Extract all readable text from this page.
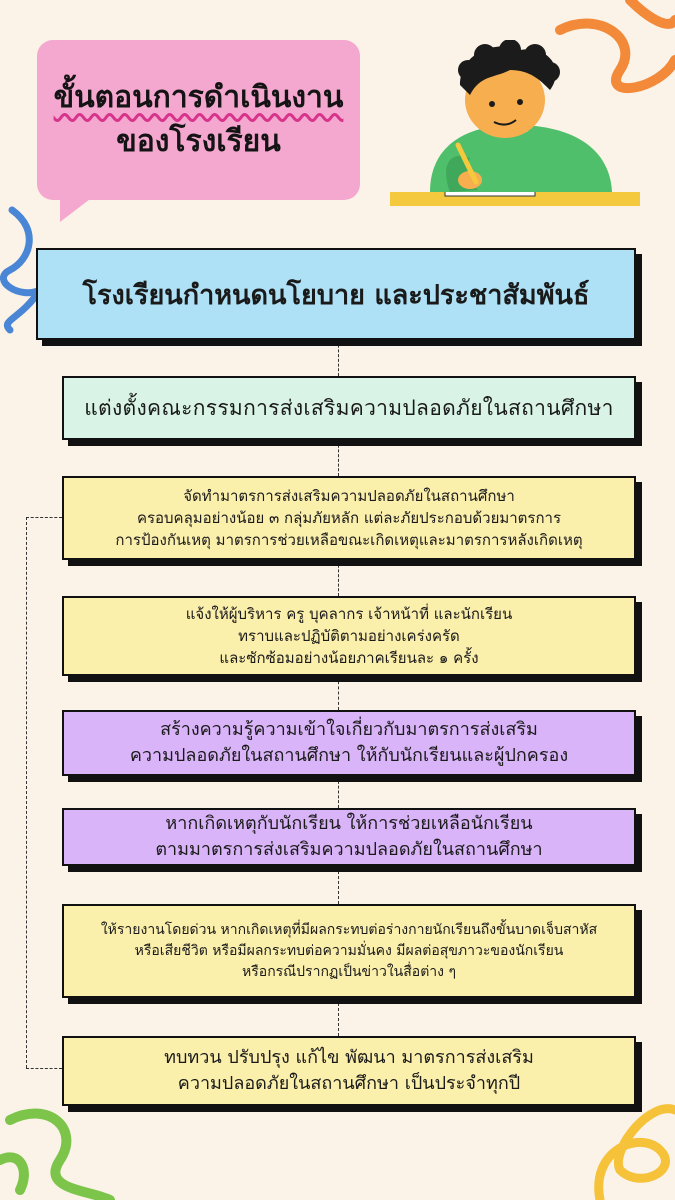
ขั้นตอนการดำเนินงาน
ของโรงเรียน
โรงเรียนกำหนดนโยบาย และประชาสัมพันธ์
แต่งตั้งคณะกรรมการส่งเสริมความปลอดภัยในสถานศึกษา
จัดทำมาตรการส่งเสริมความปลอดภัยในสถานศึกษา
ครอบคลุมอย่างน้อย ๓ กลุ่มภัยหลัก แต่ละภัยประกอบด้วยมาตรการ
การป้องกันเหตุ มาตรการช่วยเหลือขณะเกิดเหตุและมาตรการหลังเกิดเหตุ
แจ้งให้ผู้บริหาร ครู บุคลากร เจ้าหน้าที่ และนักเรียน
ทราบและปฏิบัติตามอย่างเคร่งครัด
และซักซ้อมอย่างน้อยภาคเรียนละ ๑ ครั้ง
สร้างความรู้ความเข้าใจเกี่ยวกับมาตรการส่งเสริม
ความปลอดภัยในสถานศึกษา ให้กับนักเรียนและผู้ปกครอง
หากเกิดเหตุกับนักเรียน ให้การช่วยเหลือนักเรียน
ตามมาตรการส่งเสริมความปลอดภัยในสถานศึกษา
ให้รายงานโดยด่วน หากเกิดเหตุที่มีผลกระทบต่อร่างกายนักเรียนถึงขั้นบาดเจ็บสาหัส
หรือเสียชีวิต หรือมีผลกระทบต่อความมั่นคง มีผลต่อสุขภาวะของนักเรียน
หรือกรณีปรากฏเป็นข่าวในสื่อต่าง ๆ
ทบทวน ปรับปรุง แก้ไข พัฒนา มาตรการส่งเสริม
ความปลอดภัยในสถานศึกษา เป็นประจำทุกปี
